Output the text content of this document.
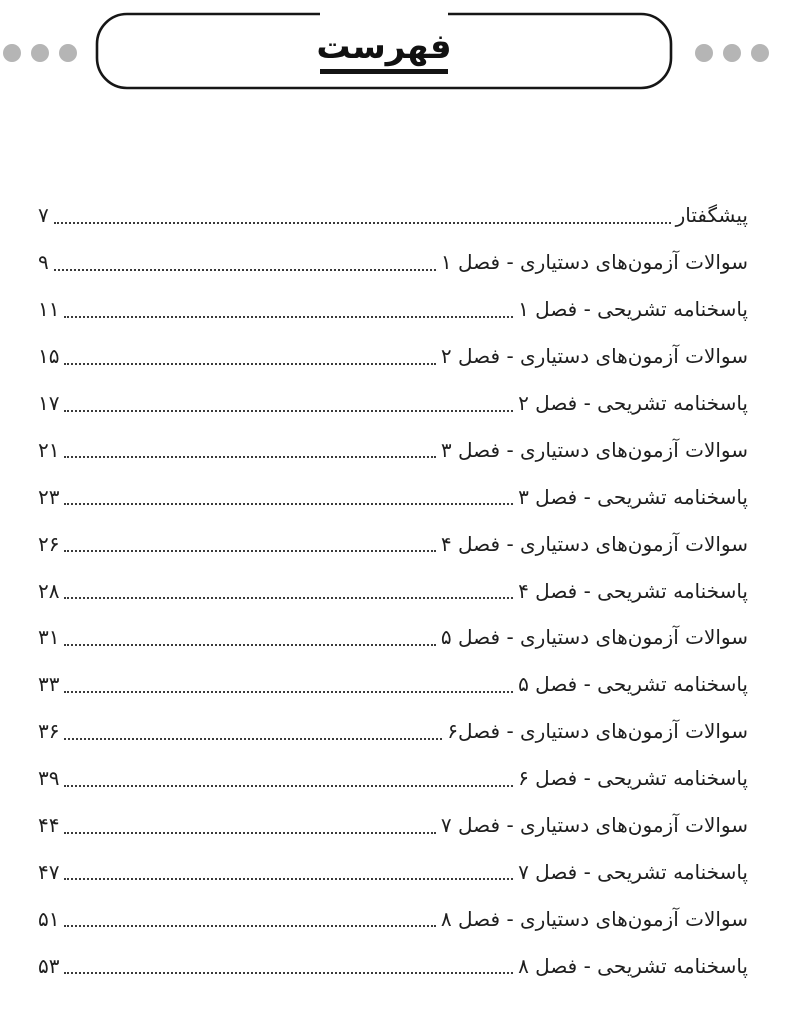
فهرست
پیشگفتار
۷
سوالات آزمون‌های دستیاری - فصل ۱
۹
پاسخنامه تشریحی - فصل ۱
۱۱
سوالات آزمون‌های دستیاری - فصل ۲
۱۵
پاسخنامه تشریحی - فصل ۲
۱۷
سوالات آزمون‌های دستیاری - فصل ۳
۲۱
پاسخنامه تشریحی - فصل ۳
۲۳
سوالات آزمون‌های دستیاری - فصل ۴
۲۶
پاسخنامه تشریحی - فصل ۴
۲۸
سوالات آزمون‌های دستیاری - فصل ۵
۳۱
پاسخنامه تشریحی - فصل ۵
۳۳
سوالات آزمون‌های دستیاری - فصل۶
۳۶
پاسخنامه تشریحی - فصل ۶
۳۹
سوالات آزمون‌های دستیاری - فصل ۷
۴۴
پاسخنامه تشریحی - فصل ۷
۴۷
سوالات آزمون‌های دستیاری - فصل ۸
۵۱
پاسخنامه تشریحی - فصل ۸
۵۳
